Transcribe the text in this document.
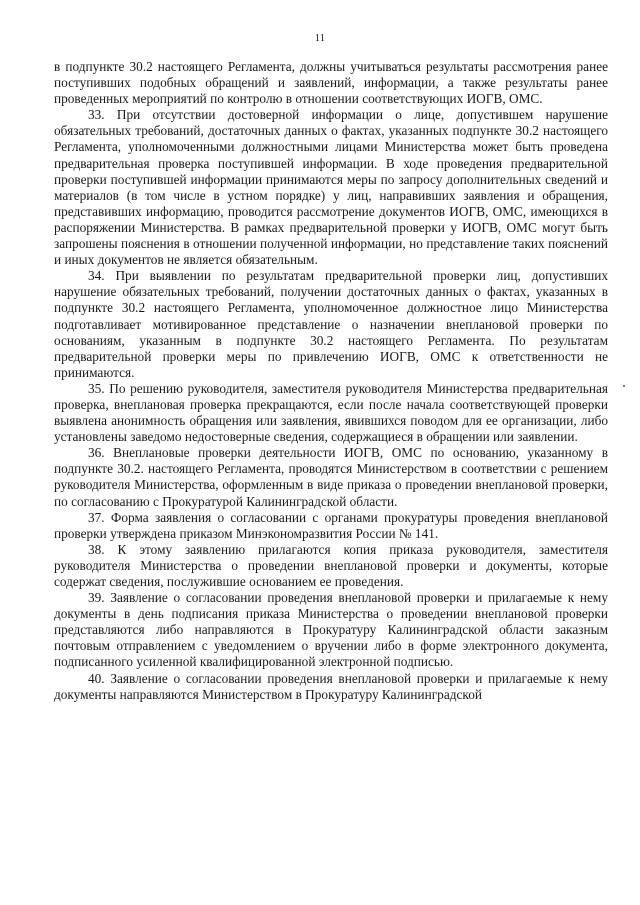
11

в подпункте 30.2 настоящего Регламента, должны учитываться результаты рассмотрения ранее поступивших подобных обращений и заявлений, информации, а также результаты ранее проведенных мероприятий по контролю в отношении соответствующих ИОГВ, ОМС.

33. При отсутствии достоверной информации о лице, допустившем нарушение обязательных требований, достаточных данных о фактах, указанных подпункте 30.2 настоящего Регламента, уполномоченными должностными лицами Министерства может быть проведена предварительная проверка поступившей информации. В ходе проведения предварительной проверки поступившей информации принимаются меры по запросу дополнительных сведений и материалов (в том числе в устном порядке) у лиц, направивших заявления и обращения, представивших информацию, проводится рассмотрение документов ИОГВ, ОМС, имеющихся в распоряжении Министерства. В рамках предварительной проверки у ИОГВ, ОМС могут быть запрошены пояснения в отношении полученной информации, но представление таких пояснений и иных документов не является обязательным.

34. При выявлении по результатам предварительной проверки лиц, допустивших нарушение обязательных требований, получении достаточных данных о фактах, указанных в подпункте 30.2 настоящего Регламента, уполномоченное должностное лицо Министерства подготавливает мотивированное представление о назначении внеплановой проверки по основаниям, указанным в подпункте 30.2 настоящего Регламента. По результатам предварительной проверки меры по привлечению ИОГВ, ОМС к ответственности не принимаются.

35. По решению руководителя, заместителя руководителя Министерства предварительная проверка, внеплановая проверка прекращаются, если после начала соответствующей проверки выявлена анонимность обращения или заявления, явившихся поводом для ее организации, либо установлены заведомо недостоверные сведения, содержащиеся в обращении или заявлении.

36. Внеплановые проверки деятельности ИОГВ, ОМС по основанию, указанному в подпункте 30.2. настоящего Регламента, проводятся Министерством в соответствии с решением руководителя Министерства, оформленным в виде приказа о проведении внеплановой проверки, по согласованию с Прокуратурой Калининградской области.

37. Форма заявления о согласовании с органами прокуратуры проведения внеплановой проверки утверждена приказом Минэкономразвития России № 141.

38. К этому заявлению прилагаются копия приказа руководителя, заместителя руководителя Министерства о проведении внеплановой проверки и документы, которые содержат сведения, послужившие основанием ее проведения.

39. Заявление о согласовании проведения внеплановой проверки и прилагаемые к нему документы в день подписания приказа Министерства о проведении внеплановой проверки представляются либо направляются в Прокуратуру Калининградской области заказным почтовым отправлением с уведомлением о вручении либо в форме электронного документа, подписанного усиленной квалифицированной электронной подписью.

40. Заявление о согласовании проведения внеплановой проверки и прилагаемые к нему документы направляются Министерством в Прокуратуру Калининградской
